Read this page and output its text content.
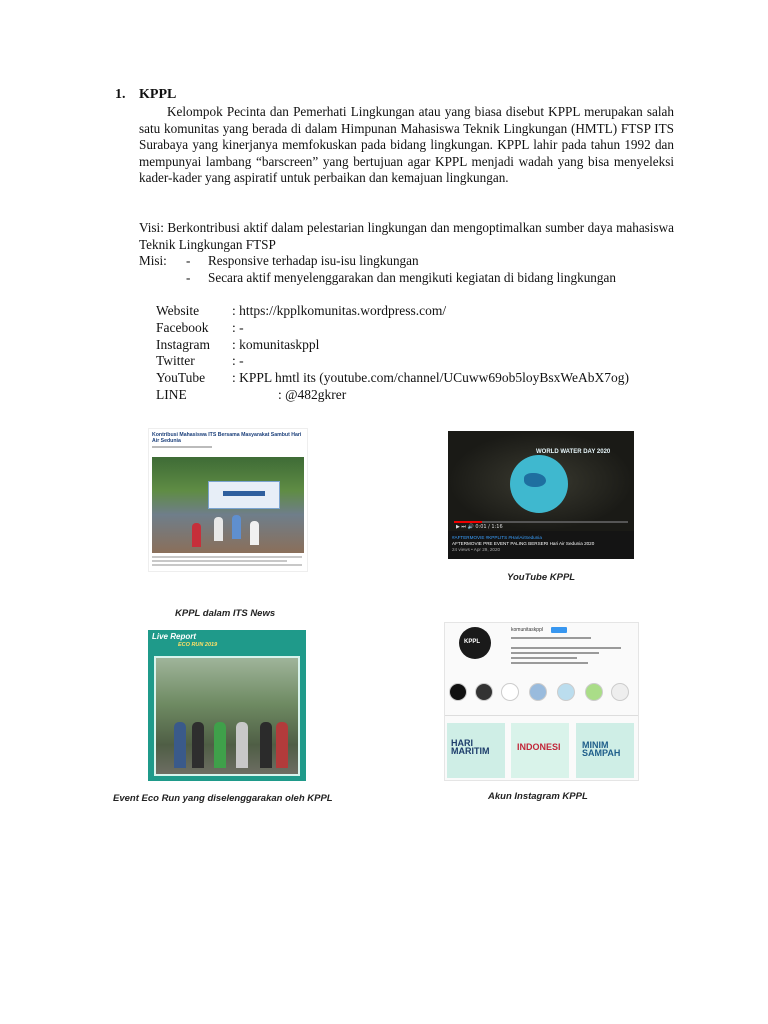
1. KPPL

Kelompok Pecinta dan Pemerhati Lingkungan atau yang biasa disebut KPPL merupakan salah satu komunitas yang berada di dalam Himpunan Mahasiswa Teknik Lingkungan (HMTL) FTSP ITS Surabaya yang kinerjanya memfokuskan pada bidang lingkungan. KPPL lahir pada tahun 1992 dan mempunyai lambang “barscreen” yang bertujuan agar KPPL menjadi wadah yang bisa menyeleksi kader-kader yang aspiratif untuk perbaikan dan kemajuan lingkungan.

Visi: Berkontribusi aktif dalam pelestarian lingkungan dan mengoptimalkan sumber daya mahasiswa Teknik Lingkungan FTSP

Misi: - Responsive terhadap isu-isu lingkungan
- Secara aktif menyelenggarakan dan mengikuti kegiatan di bidang lingkungan
Website : https://kpplkomunitas.wordpress.com/
Facebook : -
Instagram : komunitaskppl
Twitter	: -
YouTube : KPPL hmtl its (youtube.com/channel/UCuww69ob5loyBsxWeAbX7og)
LINE	: @482gkrer
Kontribusi Mahasiswa ITS Bersama Masyarakat Sambut Hari Air Sedunia
KPPL dalam ITS News
WORLD WATER DAY 2020
▶ ⏭ 🔊 0:01 / 1:16
#AFTERMOVIE #KPPLITS #HariAirSedunia
AFTERMOVIE PRE EVENT PALING BERSERI Hari Air Sedunia 2020
24 views • Apr 29, 2020
YouTube KPPL
Live Report
ECO RUN 2019
Event Eco Run yang diselenggarakan oleh KPPL
KPPL
komunitaskppl
HARI MARITIM	INDONESI MINIM SAMPAH
Akun Instagram KPPL
